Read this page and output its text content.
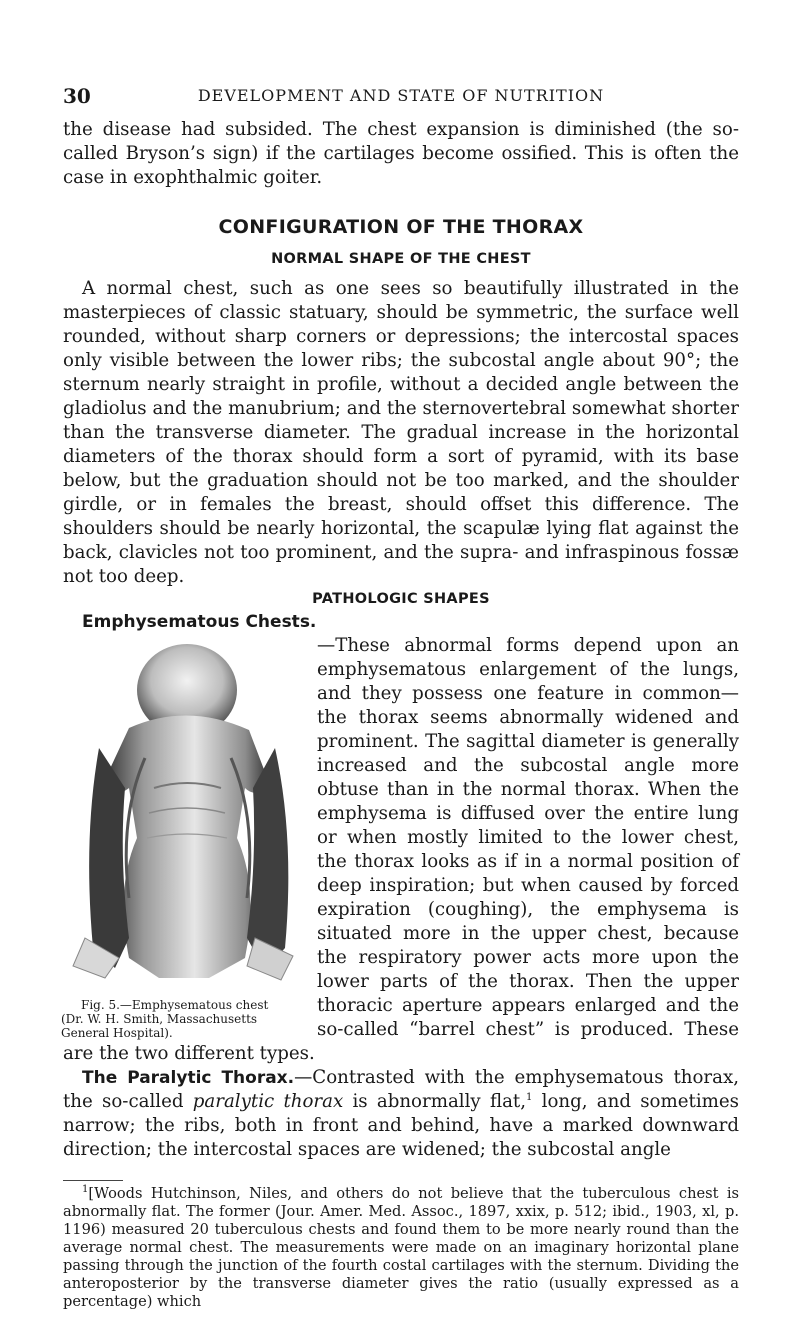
30	DEVELOPMENT AND STATE OF NUTRITION

the disease had subsided. The chest expansion is diminished (the so-called Bryson’s sign) if the cartilages become ossified. This is often the case in exophthalmic goiter.

CONFIGURATION OF THE THORAX
NORMAL SHAPE OF THE CHEST

A normal chest, such as one sees so beautifully illustrated in the masterpieces of classic statuary, should be symmetric, the surface well rounded, without sharp corners or depressions; the intercostal spaces only visible between the lower ribs; the subcostal angle about 90°; the sternum nearly straight in profile, without a decided angle between the gladiolus and the manubrium; and the sternovertebral somewhat shorter than the transverse diameter. The gradual increase in the horizontal diameters of the thorax should form a sort of pyramid, with its base below, but the graduation should not be too marked, and the shoulder girdle, or in females the breast, should offset this difference. The shoulders should be nearly horizontal, the scapulæ lying flat against the back, clavicles not too prominent, and the supra- and infraspinous fossæ not too deep.

PATHOLOGIC SHAPES

Emphysematous Chests.

Fig. 5.—Emphysematous chest
(Dr. W. H. Smith, Massachusetts General Hospital).

—These abnormal forms depend upon an emphysematous enlargement of the lungs, and they possess one feature in common—the thorax seems abnormally widened and prominent. The sagittal diameter is generally increased and the subcostal angle more obtuse than in the normal thorax. When the emphysema is diffused over the entire lung or when mostly limited to the lower chest, the thorax looks as if in a normal position of deep inspiration; but when caused by forced expiration (coughing), the emphysema is situated more in the upper chest, because the respiratory power acts more upon the lower parts of the thorax. Then the upper thoracic aperture appears enlarged and the so-called “barrel chest” is produced. These are the two different types.

The Paralytic Thorax.—Contrasted with the emphysematous thorax, the so-called paralytic thorax is abnormally flat,$^1$ long, and sometimes narrow; the ribs, both in front and behind, have a marked downward direction; the intercostal spaces are widened; the subcostal angle

$^1$[Woods Hutchinson, Niles, and others do not believe that the tuberculous chest is abnormally flat. The former (Jour. Amer. Med. Assoc., 1897, xxix, p. 512; ibid., 1903, xl, p. 1196) measured 20 tuberculous chests and found them to be more nearly round than the average normal chest. The measurements were made on an imaginary horizontal plane passing through the junction of the fourth costal cartilages with the sternum. Dividing the anteroposterior by the transverse diameter gives the ratio (usually expressed as a percentage) which
